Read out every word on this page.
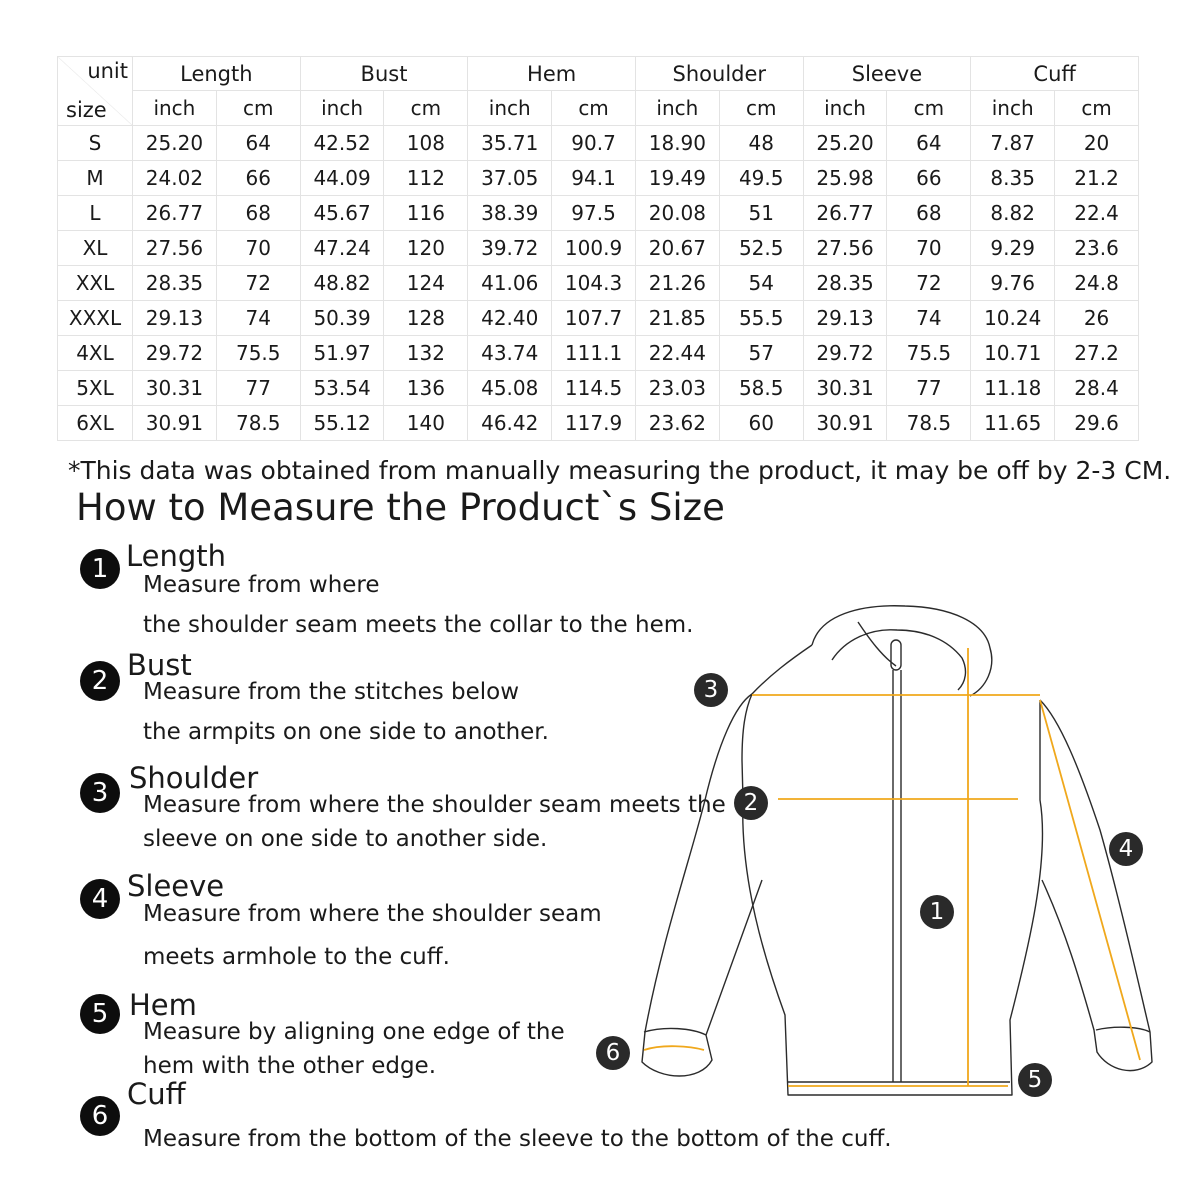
unit
size	Length		Bust		Hem		Shoulder		Sleeve		Cuff	
	inch	cm	inch	cm	inch	cm	inch	cm	inch	cm	inch	cm
S	25.20	64	42.52	108	35.71	90.7	18.90	48	25.20	64	7.87	20
M	24.02	66	44.09	112	37.05	94.1	19.49	49.5	25.98	66	8.35	21.2
L	26.77	68	45.67	116	38.39	97.5	20.08	51	26.77	68	8.82	22.4
XL	27.56	70	47.24	120	39.72	100.9	20.67	52.5	27.56	70	9.29	23.6
XXL	28.35	72	48.82	124	41.06	104.3	21.26	54	28.35	72	9.76	24.8
XXXL	29.13	74	50.39	128	42.40	107.7	21.85	55.5	29.13	74	10.24	26
4XL	29.72	75.5	51.97	132	43.74	111.1	22.44	57	29.72	75.5	10.71	27.2
5XL	30.31	77	53.54	136	45.08	114.5	23.03	58.5	30.31	77	11.18	28.4
6XL	30.91	78.5	55.12	140	46.42	117.9	23.62	60	30.91	78.5	11.65	29.6
*This data was obtained from manually measuring the product, it may be off by 2-3 CM.
How to Measure the Product`s Size
1 Length
Measure from where
the shoulder seam meets the collar to the hem.
2 Bust
Measure from the stitches below
the armpits on one side to another.
3 Shoulder
Measure from where the shoulder seam meets the
sleeve on one side to another side.
4 Sleeve
Measure from where the shoulder seam
meets armhole to the cuff.
5 Hem
Measure by aligning one edge of the
hem with the other edge.
6
Cuff
Measure from the bottom of the sleeve to the bottom of the cuff.
3
2
4
1
6
5
